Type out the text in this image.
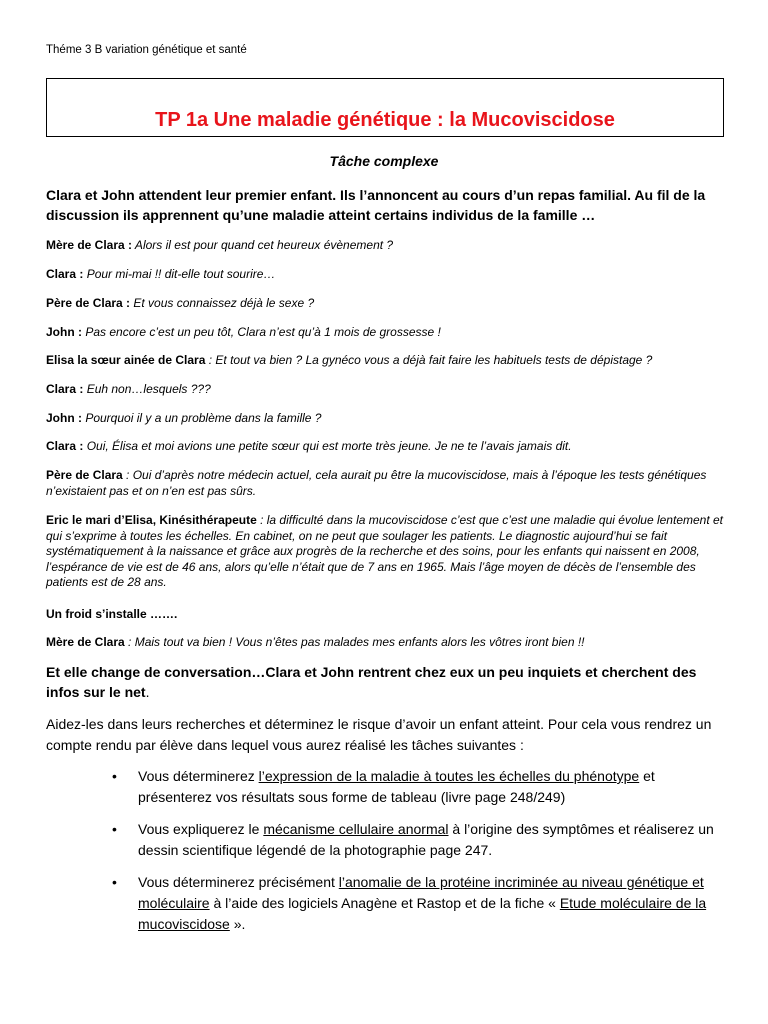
Théme 3 B variation génétique et santé
TP 1a Une maladie génétique : la Mucoviscidose
Tâche complexe
Clara et John attendent leur premier enfant. Ils l’annoncent au cours d’un repas familial. Au fil de la discussion ils apprennent qu’une maladie atteint certains individus de la famille …
Mère de Clara : Alors il est pour quand cet heureux évènement ?
Clara : Pour mi-mai !! dit-elle tout sourire…
Père de Clara : Et vous connaissez déjà le sexe ?
John : Pas encore c’est un peu tôt, Clara n’est qu’à 1 mois de grossesse !
Elisa la sœur ainée de Clara : Et tout va bien ? La gynéco vous a déjà fait faire les habituels tests de dépistage ?
Clara : Euh non…lesquels ???
John : Pourquoi il y a un problème dans la famille ?
Clara : Oui, Élisa et moi avions une petite sœur qui est morte très jeune. Je ne te l’avais jamais dit.
Père de Clara : Oui d’après notre médecin actuel, cela aurait pu être la mucoviscidose, mais à l’époque les tests génétiques n’existaient pas et on n’en est pas sûrs.
Eric le mari d’Elisa, Kinésithérapeute : la difficulté dans la mucoviscidose c’est que c’est une maladie qui évolue lentement et qui s’exprime à toutes les échelles. En cabinet, on ne peut que soulager les patients. Le diagnostic aujourd’hui se fait systématiquement à la naissance et grâce aux progrès de la recherche et des soins, pour les enfants qui naissent en 2008, l’espérance de vie est de 46 ans, alors qu’elle n’était que de 7 ans en 1965. Mais l’âge moyen de décès de l’ensemble des patients est de 28 ans.
Un froid s’installe …….
Mère de Clara : Mais tout va bien ! Vous n’êtes pas malades mes enfants alors les vôtres iront bien !!
Et elle change de conversation…Clara et John rentrent chez eux un peu inquiets et cherchent des infos sur le net.
Aidez-les dans leurs recherches et déterminez le risque d’avoir un enfant atteint. Pour cela vous rendrez un compte rendu par élève dans lequel vous aurez réalisé les tâches suivantes :
• Vous déterminerez l’expression de la maladie à toutes les échelles du phénotype et présenterez vos résultats sous forme de tableau (livre page 248/249)
• Vous expliquerez le mécanisme cellulaire anormal à l’origine des symptômes et réaliserez un dessin scientifique légendé de la photographie page 247.
• Vous déterminerez précisément l’anomalie de la protéine incriminée au niveau génétique et moléculaire à l’aide des logiciels Anagène et Rastop et de la fiche « Etude moléculaire de la mucoviscidose ».
